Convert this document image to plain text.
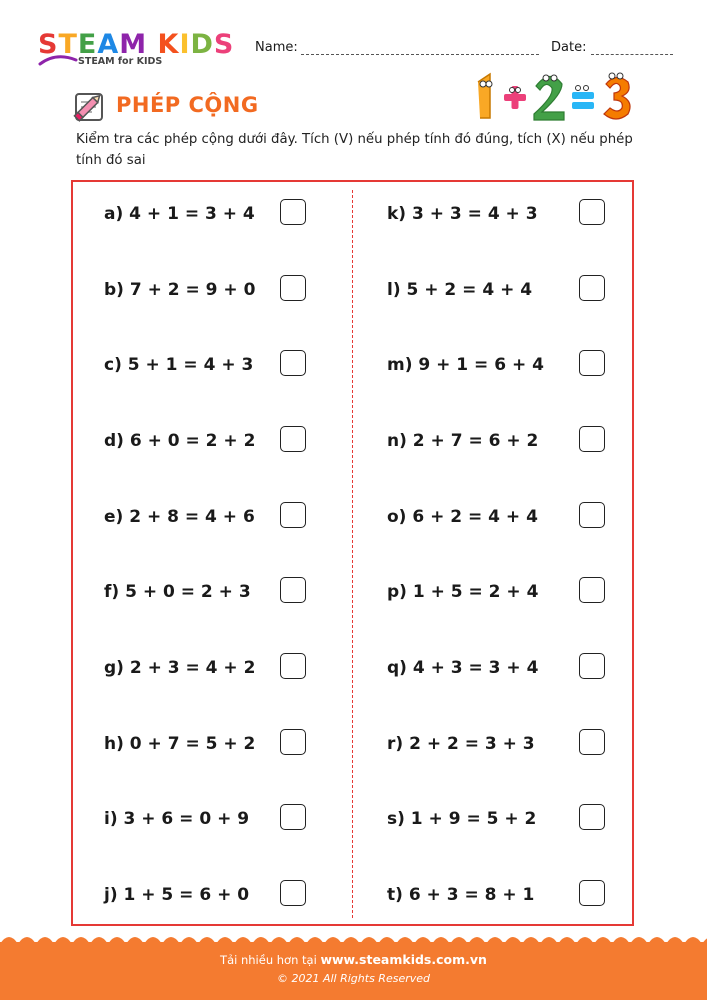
STEAM KIDS
STEAM for KIDS
Name:	Date:
PHÉP CỘNG
Kiểm tra các phép cộng dưới đây. Tích (V) nếu phép tính đó đúng, tích (X) nếu phép tính đó sai
a) 4 + 1 = 3 + 4
b) 7 + 2 = 9 + 0
c) 5 + 1 = 4 + 3
d) 6 + 0 = 2 + 2
e) 2 + 8 = 4 + 6
f) 5 + 0 = 2 + 3
g) 2 + 3 = 4 + 2
h) 0 + 7 = 5 + 2
i) 3 + 6 = 0 + 9
j) 1 + 5 = 6 + 0
k) 3 + 3 = 4 + 3
l) 5 + 2 = 4 + 4
m) 9 + 1 = 6 + 4
n) 2 + 7 = 6 + 2
o) 6 + 2 = 4 + 4
p) 1 + 5 = 2 + 4
q) 4 + 3 = 3 + 4
r) 2 + 2 = 3 + 3
s) 1 + 9 = 5 + 2
t) 6 + 3 = 8 + 1
Tải nhiều hơn tại www.steamkids.com.vn
© 2021 All Rights Reserved
